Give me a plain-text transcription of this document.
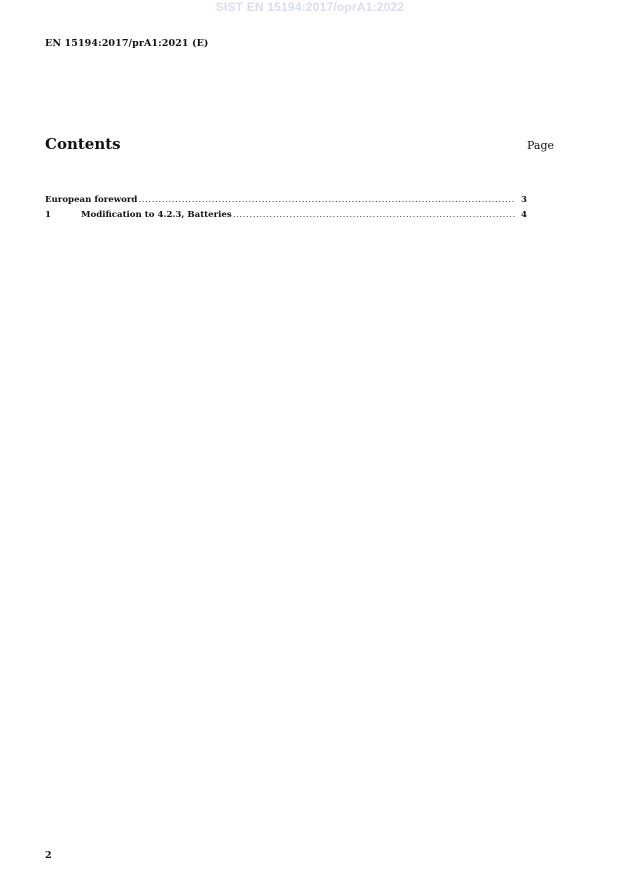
SIST EN 15194:2017/oprA1:2022
EN 15194:2017/prA1:2021 (E)
Contents	Page
European foreword .....	3
1	Modification to 4.2.3, Batteries .....	4
2
